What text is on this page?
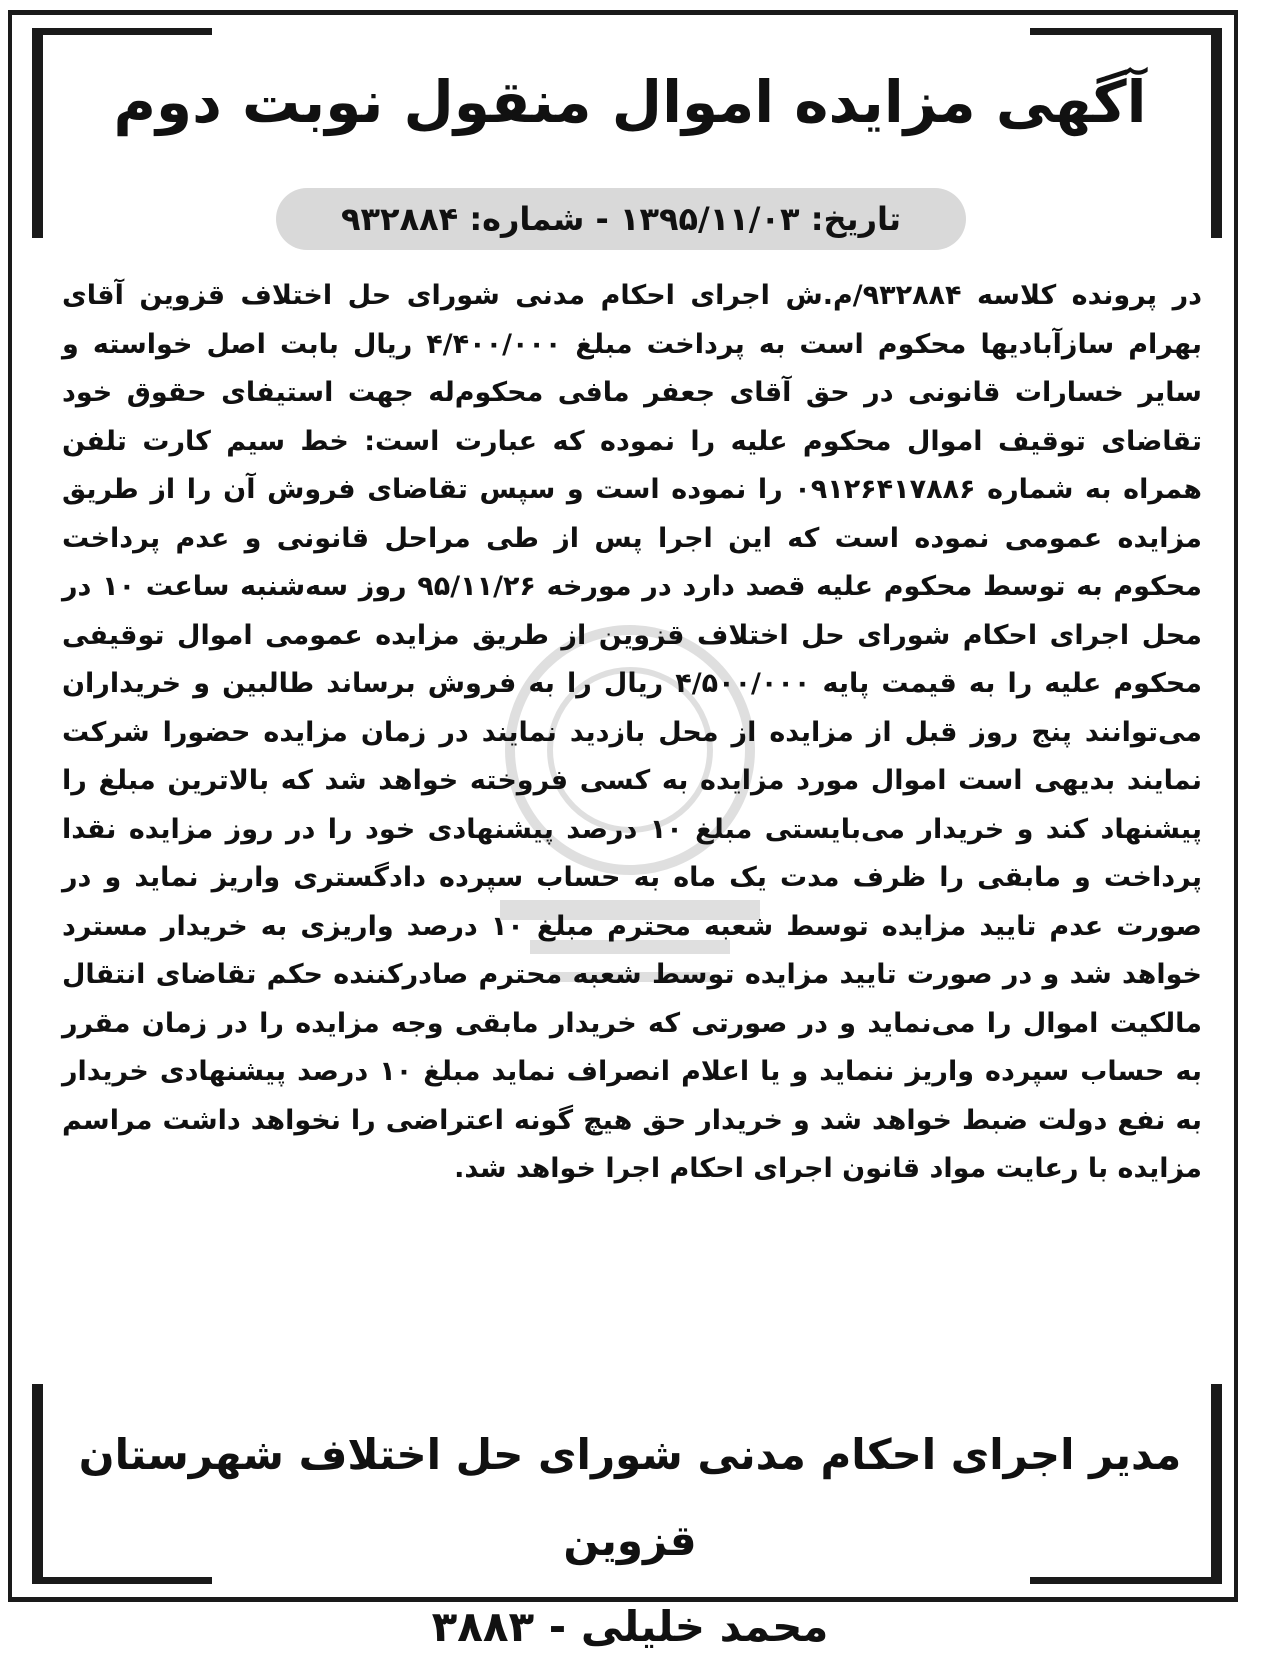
آگهی مزایده اموال منقول نوبت دوم
تاریخ: ۱۳۹۵/۱۱/۰۳ - شماره: ۹۳۲۸۸۴
در پرونده کلاسه ۹۳۲۸۸۴/م.ش اجرای احکام مدنی شورای حل اختلاف قزوین آقای بهرام سازآبادیها محکوم است به پرداخت مبلغ ۴/۴۰۰/۰۰۰ ریال بابت اصل خواسته و سایر خسارات قانونی در حق آقای جعفر مافی محکوم‌له جهت استیفای حقوق خود تقاضای توقیف اموال محکوم علیه را نموده که عبارت است: خط سیم کارت تلفن همراه به شماره ۰۹۱۲۶۴۱۷۸۸۶ را نموده است و سپس تقاضای فروش آن را از طریق مزایده عمومی نموده است که این اجرا پس از طی مراحل قانونی و عدم پرداخت محکوم به توسط محکوم علیه قصد دارد در مورخه ۹۵/۱۱/۲۶ روز سه‌شنبه ساعت ۱۰ در محل اجرای احکام شورای حل اختلاف قزوین از طریق مزایده عمومی اموال توقیفی محکوم علیه را به قیمت پایه ۴/۵۰۰/۰۰۰ ریال را به فروش برساند طالبین و خریداران می‌توانند پنج روز قبل از مزایده از محل بازدید نمایند در زمان مزایده حضورا شرکت نمایند بدیهی است اموال مورد مزایده به کسی فروخته خواهد شد که بالاترین مبلغ را پیشنهاد کند و خریدار می‌بایستی مبلغ ۱۰ درصد پیشنهادی خود را در روز مزایده نقدا پرداخت و مابقی را ظرف مدت یک ماه به حساب سپرده دادگستری واریز نماید و در صورت عدم تایید مزایده توسط شعبه محترم مبلغ ۱۰ درصد واریزی به خریدار مسترد خواهد شد و در صورت تایید مزایده توسط شعبه محترم صادرکننده حکم تقاضای انتقال مالکیت اموال را می‌نماید و در صورتی که خریدار مابقی وجه مزایده را در زمان مقرر به حساب سپرده واریز ننماید و یا اعلام انصراف نماید مبلغ ۱۰ درصد پیشنهادی خریدار به نفع دولت ضبط خواهد شد و خریدار حق هیچ گونه اعتراضی را نخواهد داشت مراسم مزایده با رعایت مواد قانون اجرای احکام اجرا خواهد شد.
مدیر اجرای احکام مدنی شورای حل اختلاف شهرستان قزوین
محمد خلیلی - ۳۸۸۳
